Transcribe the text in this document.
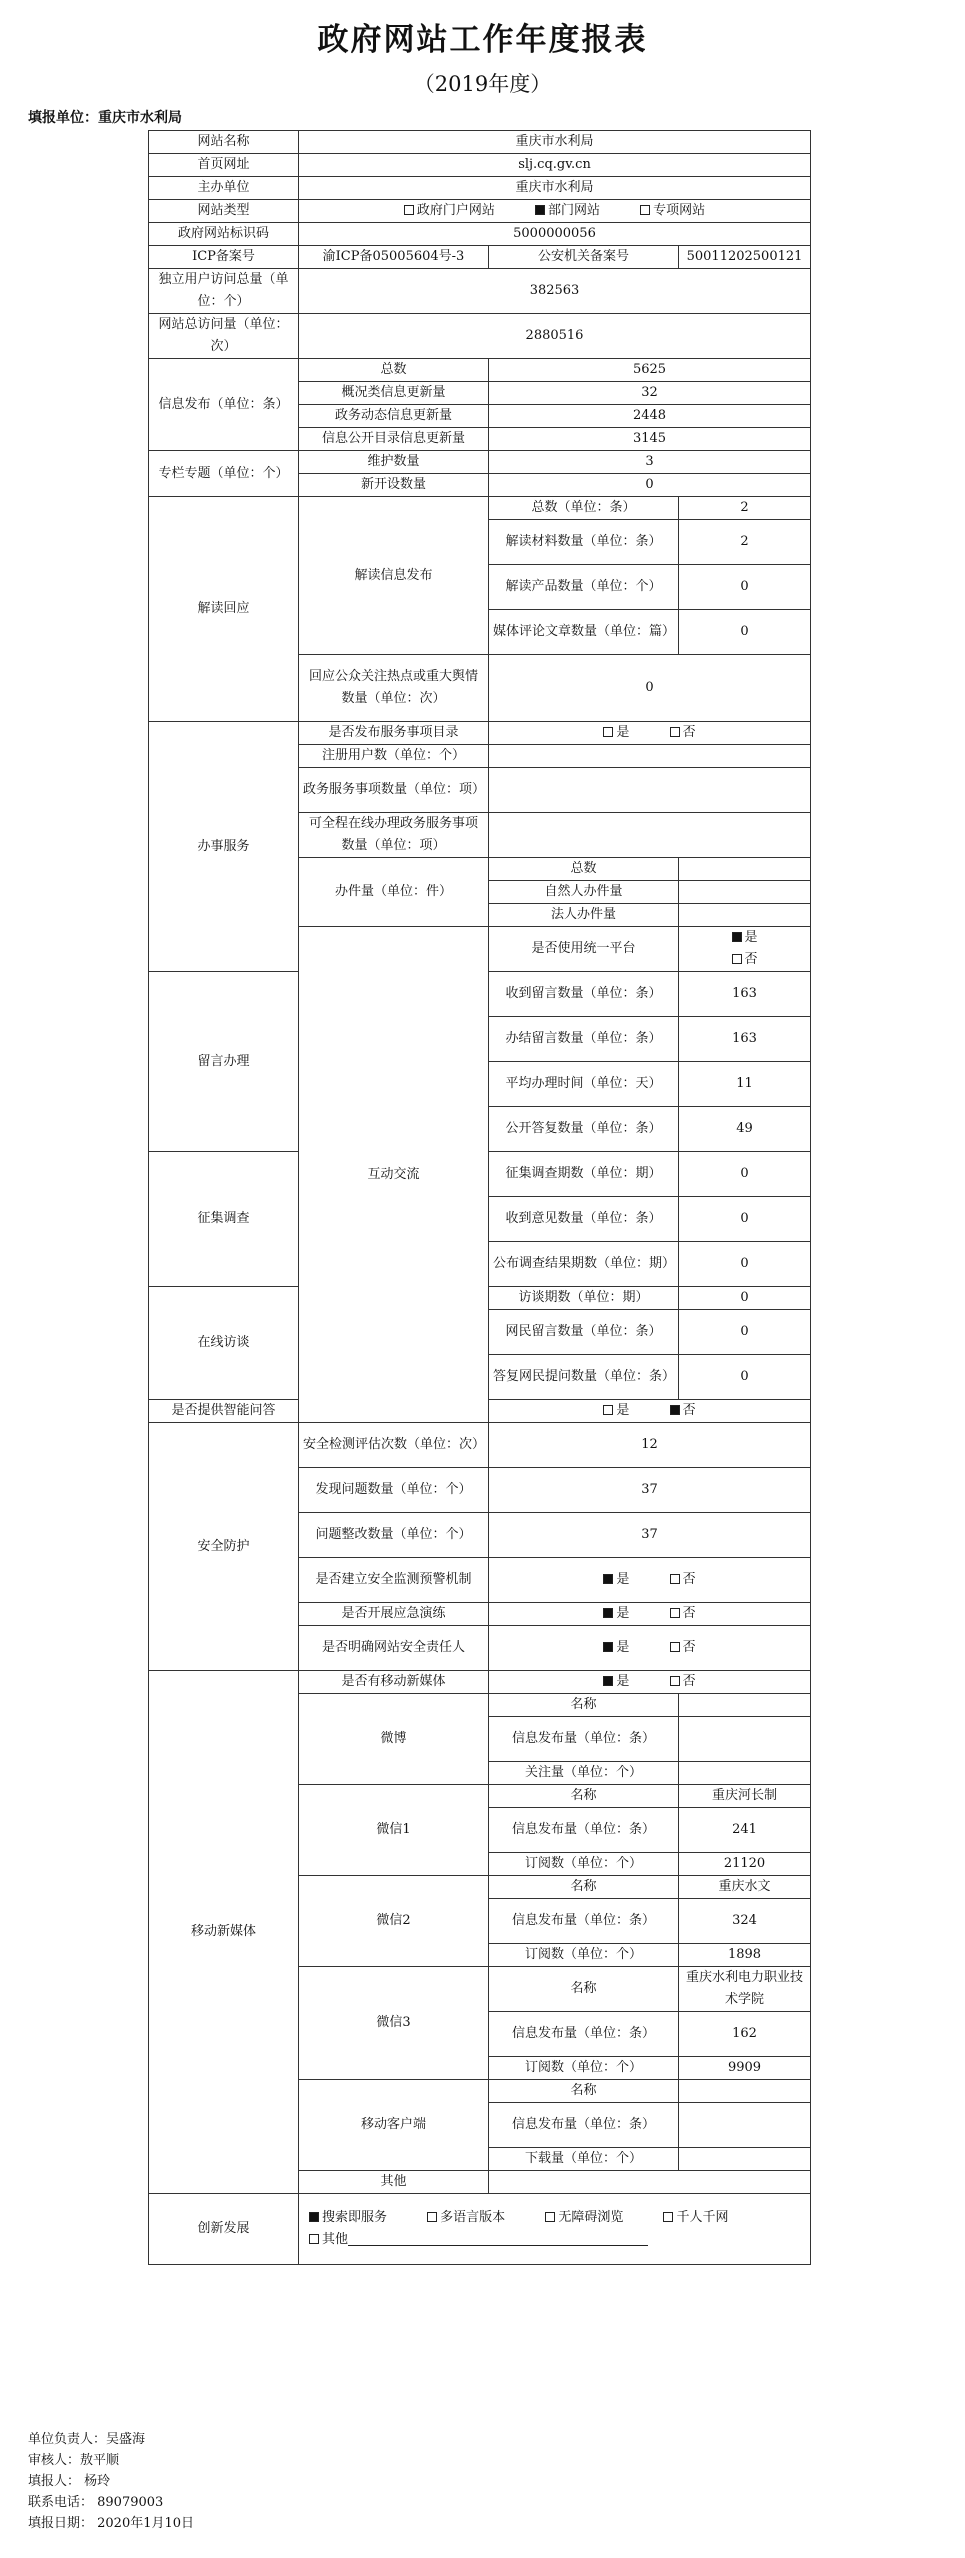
政府网站工作年度报表
（2019年度）
填报单位：重庆市水利局
网站名称	重庆市水利局		
首页网址	slj.cq.gv.cn		
主办单位	重庆市水利局		
网站类型	政府门户网站 部门网站 专项网站		
政府网站标识码	5000000056		
ICP备案号	渝ICP备05005604号-3	公安机关备案号	50011202500121
独立用户访问总量（单位：个）	382563		
网站总访问量（单位：次）	2880516		
信息发布（单位：条）	总数	5625	
	概况类信息更新量	32	
	政务动态信息更新量	2448	
	信息公开目录信息更新量	3145	
专栏专题（单位：个）	维护数量	3	
	新开设数量	0	
解读回应	解读信息发布	总数（单位：条）	2
		解读材料数量（单位：条）	2
		解读产品数量（单位：个）	0
		媒体评论文章数量（单位：篇）	0
	回应公众关注热点或重大舆情数量（单位：次）	0	
办事服务	是否发布服务事项目录	是 否	
	注册用户数（单位：个）		
	政务服务事项数量（单位：项）		
	可全程在线办理政务服务事项数量（单位：项）		
	办件量（单位：件）	总数	
		自然人办件量	
		法人办件量	
	互动交流	是否使用统一平台	是 否
留言办理		收到留言数量（单位：条）	163
		办结留言数量（单位：条）	163
		平均办理时间（单位：天）	11
		公开答复数量（单位：条）	49
征集调查		征集调查期数（单位：期）	0
		收到意见数量（单位：条）	0
		公布调查结果期数（单位：期）	0
在线访谈		访谈期数（单位：期）	0
		网民留言数量（单位：条）	0
		答复网民提问数量（单位：条）	0
是否提供智能问答		是 否	
安全防护	安全检测评估次数（单位：次）	12	
	发现问题数量（单位：个）	37	
	问题整改数量（单位：个）	37	
	是否建立安全监测预警机制	是 否	
	是否开展应急演练	是 否	
	是否明确网站安全责任人	是 否	
移动新媒体	是否有移动新媒体	是 否	
	微博	名称	
		信息发布量（单位：条）	
		关注量（单位：个）	
	微信1	名称	重庆河长制
		信息发布量（单位：条）	241
		订阅数（单位：个）	21120
	微信2	名称	重庆水文
		信息发布量（单位：条）	324
		订阅数（单位：个）	1898
	微信3	名称	重庆水利电力职业技术学院
		信息发布量（单位：条）	162
		订阅数（单位：个）	9909
	移动客户端	名称	
		信息发布量（单位：条）	
		下载量（单位：个）	
	其他		
创新发展	搜索即服务 多语言版本 无障碍浏览 千人千网
其他		
单位负责人：吴盛海
审核人：敖平顺
填报人： 杨玲
联系电话： 89079003
填报日期： 2020年1月10日
